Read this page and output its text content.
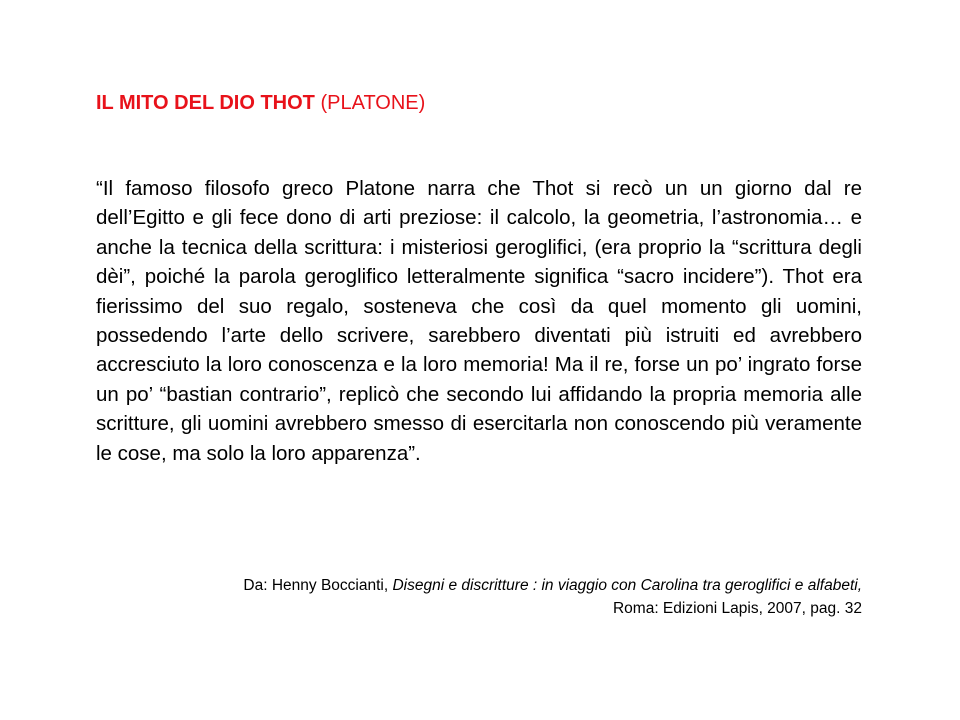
IL MITO DEL DIO THOT (PLATONE)

“Il famoso filosofo greco Platone narra che Thot si recò un un giorno dal re dell’Egitto e gli fece dono di arti preziose: il calcolo, la geometria, l’astronomia… e anche la tecnica della scrittura: i misteriosi geroglifici, (era proprio la “scrittura degli dèi”, poiché la parola geroglifico letteralmente significa “sacro incidere”). Thot era fierissimo del suo regalo, sosteneva che così da quel momento gli uomini, possedendo l’arte dello scrivere, sarebbero diventati più istruiti ed avrebbero accresciuto la loro conoscenza e la loro memoria! Ma il re, forse un po’ ingrato forse un po’ “bastian contrario”, replicò che secondo lui affidando la propria memoria alle scritture, gli uomini avrebbero smesso di esercitarla non conoscendo più veramente le cose, ma solo la loro apparenza”.

Da: Henny Boccianti, Disegni e discritture : in viaggio con Carolina tra geroglifici e alfabeti,
Roma: Edizioni Lapis, 2007, pag. 32
